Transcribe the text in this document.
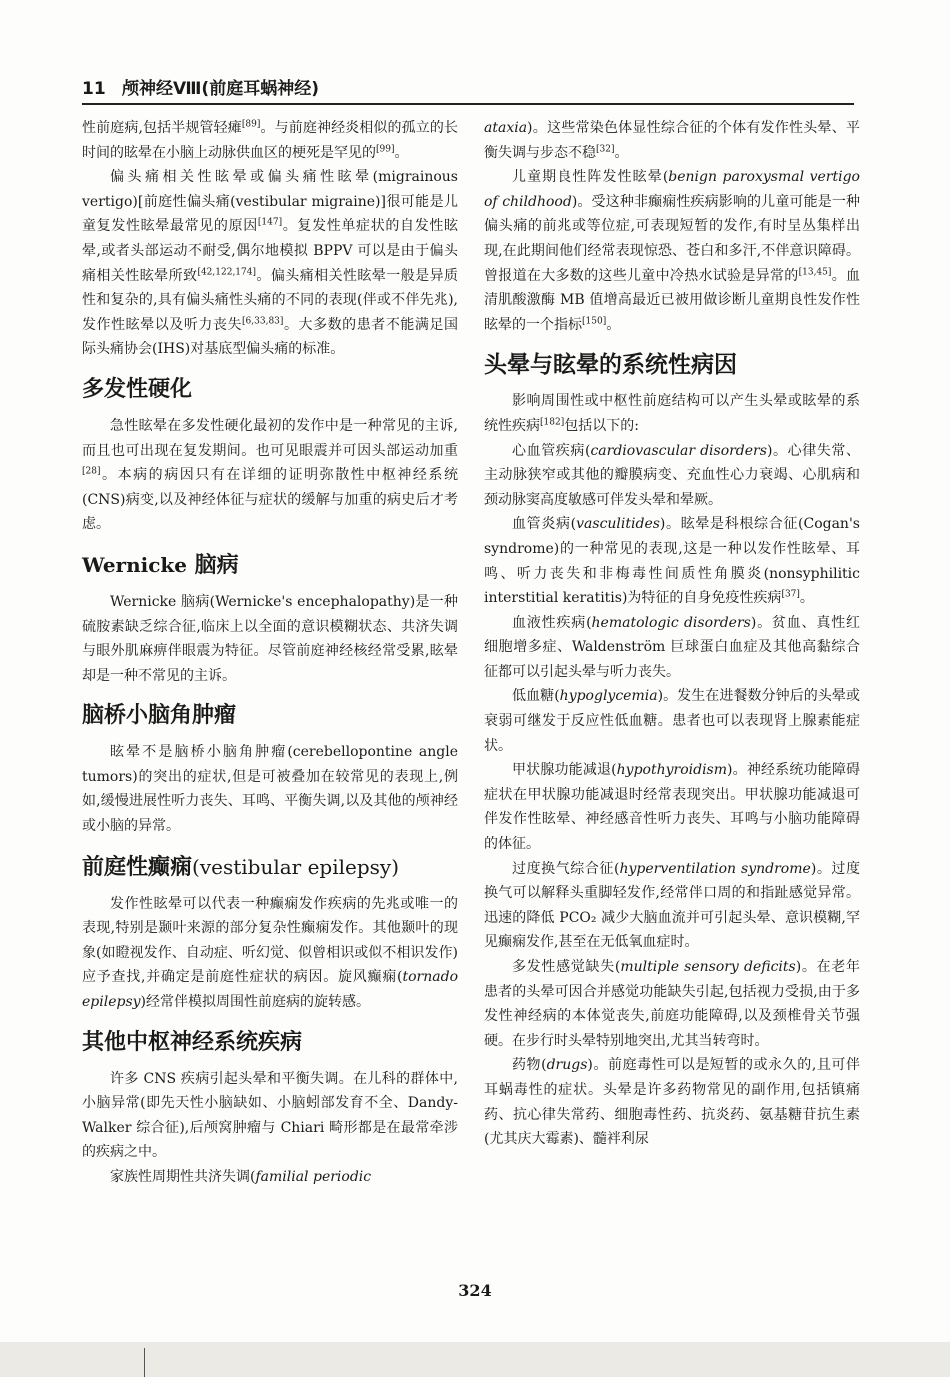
11 颅神经Ⅷ(前庭耳蜗神经)

性前庭病,包括半规管轻瘫[89]。与前庭神经炎相似的孤立的长时间的眩晕在小脑上动脉供血区的梗死是罕见的[99]。

偏头痛相关性眩晕或偏头痛性眩晕(migrainous vertigo)[前庭性偏头痛(vestibular migraine)]很可能是儿童复发性眩晕最常见的原因[147]。复发性单症状的自发性眩晕,或者头部运动不耐受,偶尔地模拟 BPPV 可以是由于偏头痛相关性眩晕所致[42,122,174]。偏头痛相关性眩晕一般是异质性和复杂的,具有偏头痛性头痛的不同的表现(伴或不伴先兆),发作性眩晕以及听力丧失[6,33,83]。大多数的患者不能满足国际头痛协会(IHS)对基底型偏头痛的标准。

多发性硬化

急性眩晕在多发性硬化最初的发作中是一种常见的主诉,而且也可出现在复发期间。也可见眼震并可因头部运动加重[28]。本病的病因只有在详细的证明弥散性中枢神经系统(CNS)病变,以及神经体征与症状的缓解与加重的病史后才考虑。

Wernicke 脑病

Wernicke 脑病(Wernicke's encephalopathy)是一种硫胺素缺乏综合征,临床上以全面的意识模糊状态、共济失调与眼外肌麻痹伴眼震为特征。尽管前庭神经核经常受累,眩晕却是一种不常见的主诉。

脑桥小脑角肿瘤

眩晕不是脑桥小脑角肿瘤(cerebellopontine angle tumors)的突出的症状,但是可被叠加在较常见的表现上,例如,缓慢进展性听力丧失、耳鸣、平衡失调,以及其他的颅神经或小脑的异常。

前庭性癫痫(vestibular epilepsy)

发作性眩晕可以代表一种癫痫发作疾病的先兆或唯一的表现,特别是颞叶来源的部分复杂性癫痫发作。其他颞叶的现象(如瞪视发作、自动症、听幻觉、似曾相识或似不相识发作)应予查找,并确定是前庭性症状的病因。旋风癫痫(tornado epilepsy)经常伴模拟周围性前庭病的旋转感。

其他中枢神经系统疾病

许多 CNS 疾病引起头晕和平衡失调。在儿科的群体中,小脑异常(即先天性小脑缺如、小脑蚓部发育不全、Dandy-Walker 综合征),后颅窝肿瘤与 Chiari 畸形都是在最常牵涉的疾病之中。

家族性周期性共济失调(familial periodic

ataxia)。这些常染色体显性综合征的个体有发作性头晕、平衡失调与步态不稳[32]。

儿童期良性阵发性眩晕(benign paroxysmal vertigo of childhood)。受这种非癫痫性疾病影响的儿童可能是一种偏头痛的前兆或等位症,可表现短暂的发作,有时呈丛集样出现,在此期间他们经常表现惊恐、苍白和多汗,不伴意识障碍。曾报道在大多数的这些儿童中冷热水试验是异常的[13,45]。血清肌酸激酶 MB 值增高最近已被用做诊断儿童期良性发作性眩晕的一个指标[150]。

头晕与眩晕的系统性病因

影响周围性或中枢性前庭结构可以产生头晕或眩晕的系统性疾病[182]包括以下的:

心血管疾病(cardiovascular disorders)。心律失常、主动脉狭窄或其他的瓣膜病变、充血性心力衰竭、心肌病和颈动脉窦高度敏感可伴发头晕和晕厥。

血管炎病(vasculitides)。眩晕是科根综合征(Cogan's syndrome)的一种常见的表现,这是一种以发作性眩晕、耳鸣、听力丧失和非梅毒性间质性角膜炎(nonsyphilitic interstitial keratitis)为特征的自身免疫性疾病[37]。

血液性疾病(hematologic disorders)。贫血、真性红细胞增多症、Waldenström 巨球蛋白血症及其他高黏综合征都可以引起头晕与听力丧失。

低血糖(hypoglycemia)。发生在进餐数分钟后的头晕或衰弱可继发于反应性低血糖。患者也可以表现肾上腺素能症状。

甲状腺功能减退(hypothyroidism)。神经系统功能障碍症状在甲状腺功能减退时经常表现突出。甲状腺功能减退可伴发作性眩晕、神经感音性听力丧失、耳鸣与小脑功能障碍的体征。

过度换气综合征(hyperventilation syndrome)。过度换气可以解释头重脚轻发作,经常伴口周的和指趾感觉异常。迅速的降低 PCO₂ 减少大脑血流并可引起头晕、意识模糊,罕见癫痫发作,甚至在无低氧血症时。

多发性感觉缺失(multiple sensory deficits)。在老年患者的头晕可因合并感觉功能缺失引起,包括视力受损,由于多发性神经病的本体觉丧失,前庭功能障碍,以及颈椎骨关节强硬。在步行时头晕特别地突出,尤其当转弯时。

药物(drugs)。前庭毒性可以是短暂的或永久的,且可伴耳蜗毒性的症状。头晕是许多药物常见的副作用,包括镇痛药、抗心律失常药、细胞毒性药、抗炎药、氨基糖苷抗生素(尤其庆大霉素)、髓袢利尿

324
